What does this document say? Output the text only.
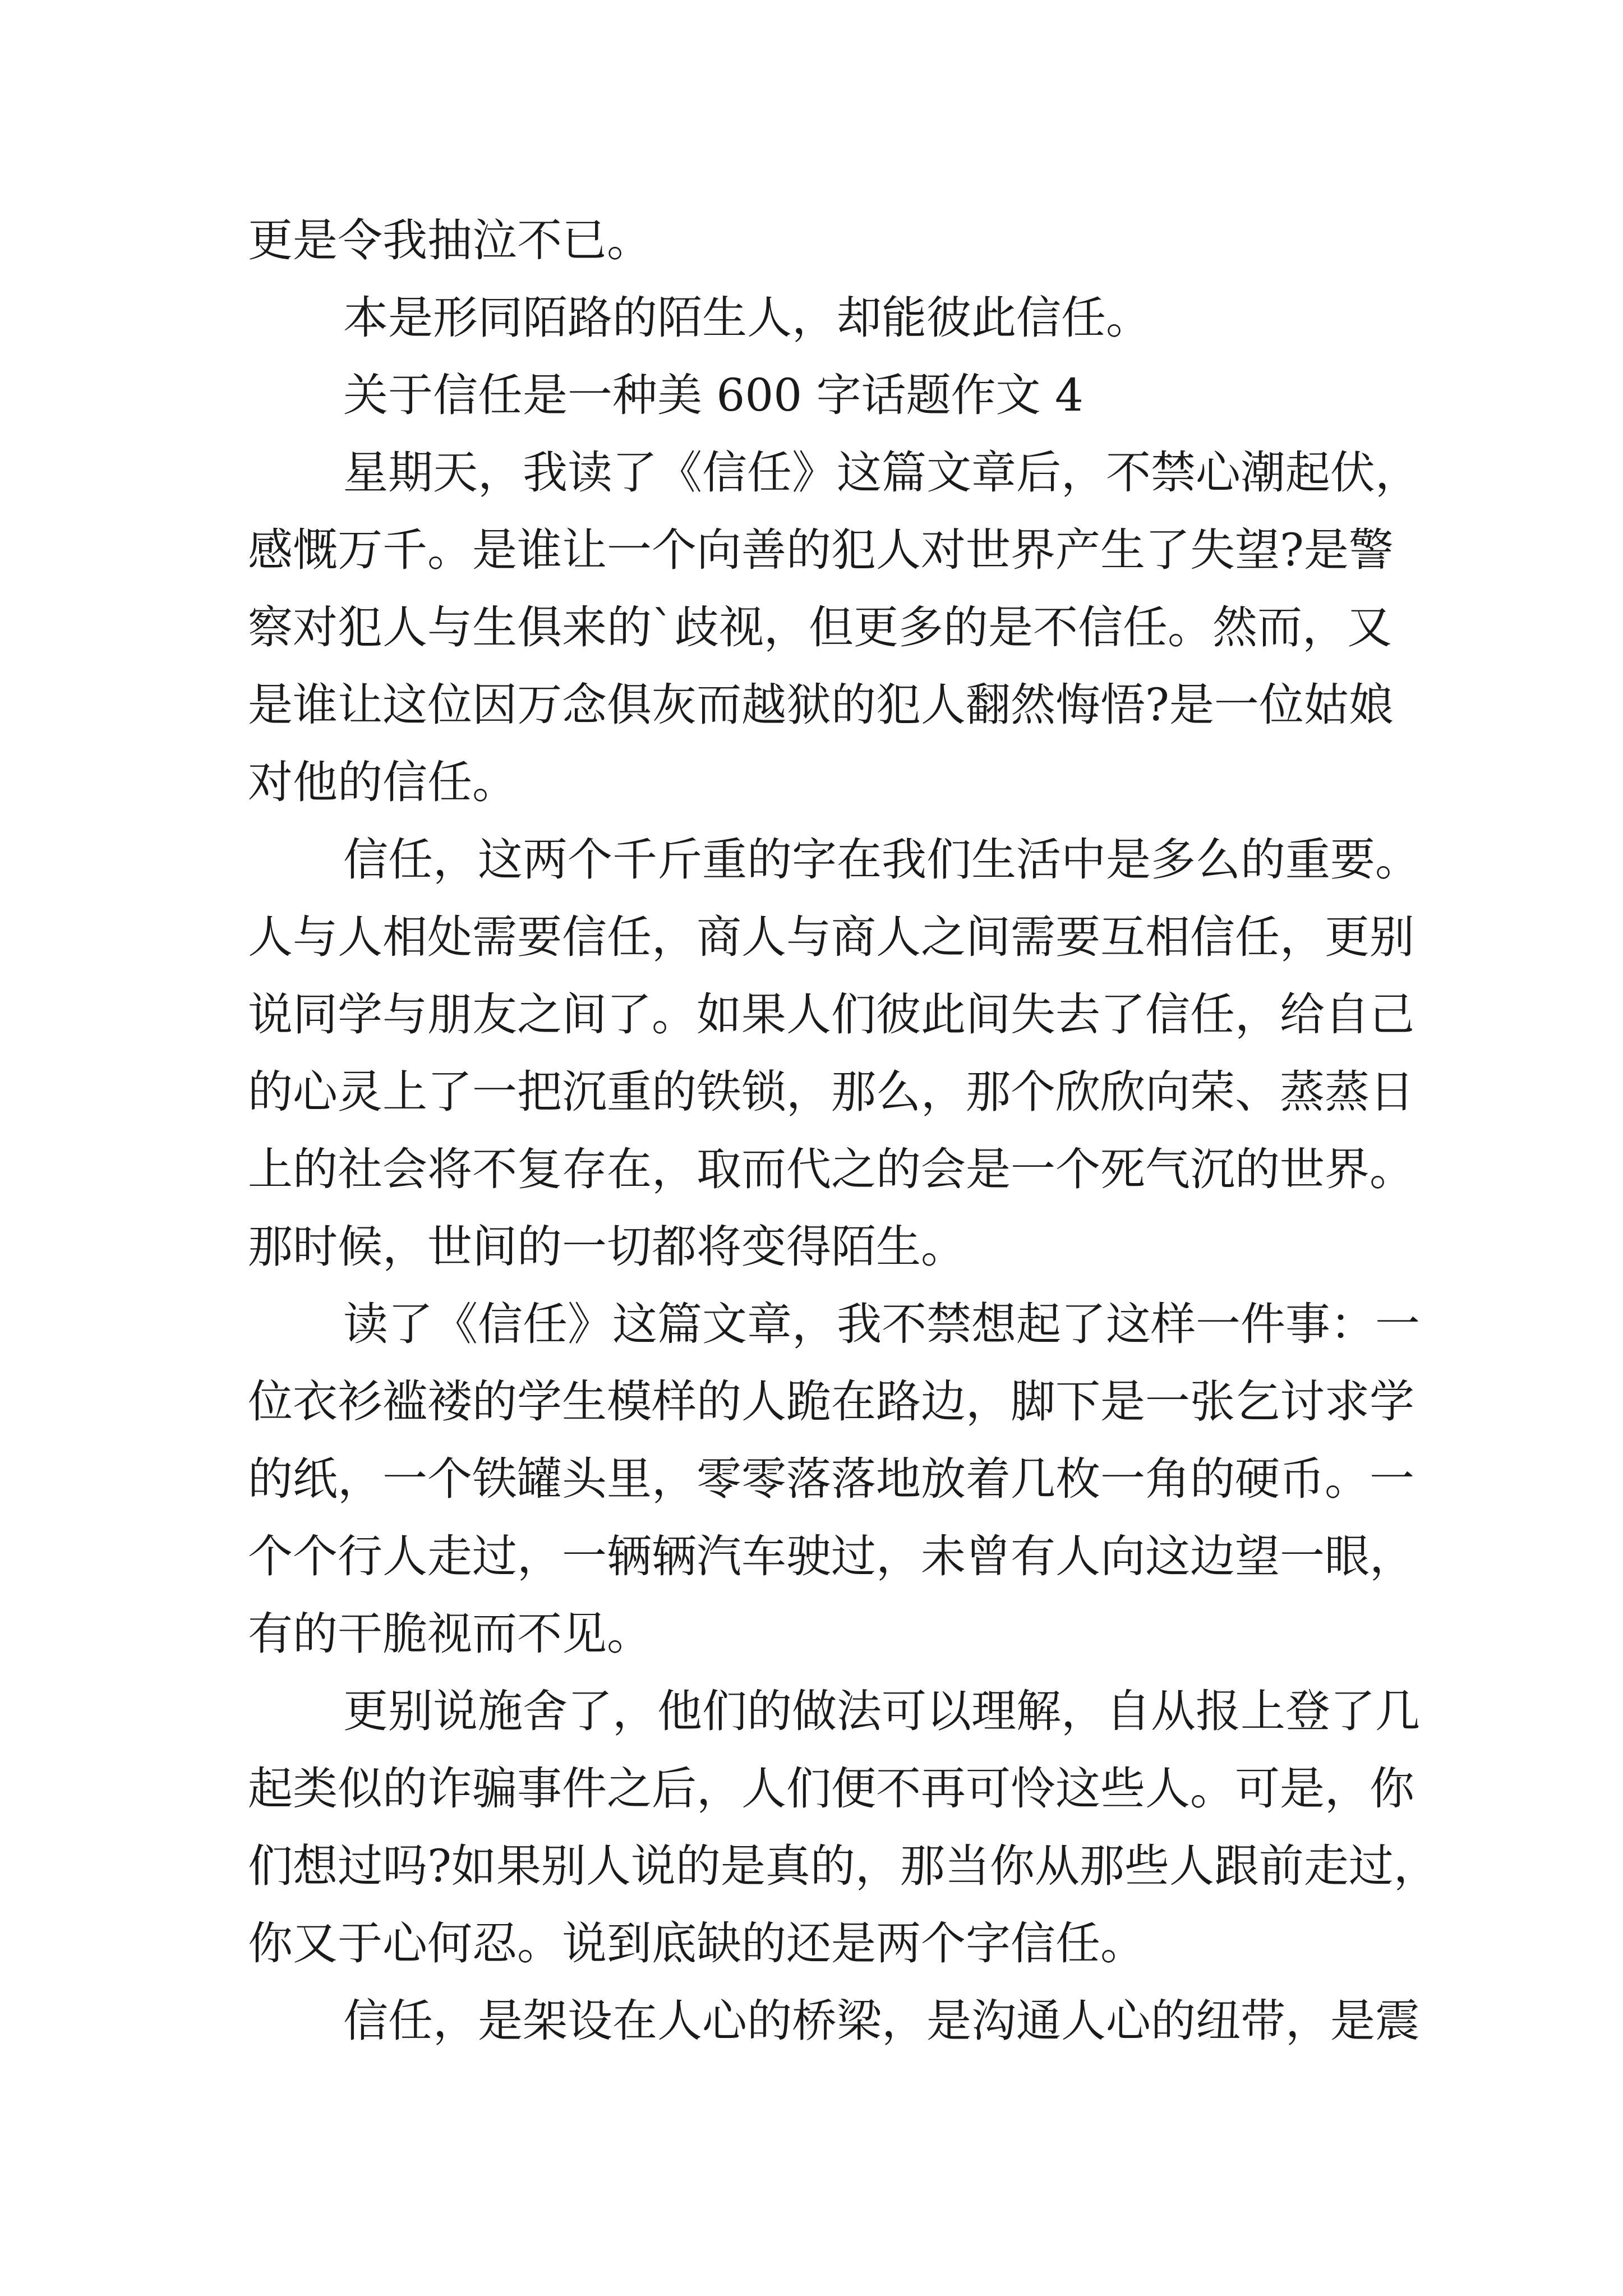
更是令我抽泣不已。
本是形同陌路的陌生人，却能彼此信任。
关于信任是一种美 600 字话题作文 4
星期天，我读了《信任》这篇文章后，不禁心潮起伏，
感慨万千。是谁让一个向善的犯人对世界产生了失望?是警
察对犯人与生俱来的`歧视，但更多的是不信任。然而，又
是谁让这位因万念俱灰而越狱的犯人翻然悔悟?是一位姑娘
对他的信任。
信任，这两个千斤重的字在我们生活中是多么的重要。
人与人相处需要信任，商人与商人之间需要互相信任，更别
说同学与朋友之间了。如果人们彼此间失去了信任，给自己
的心灵上了一把沉重的铁锁，那么，那个欣欣向荣、蒸蒸日
上的社会将不复存在，取而代之的会是一个死气沉的世界。
那时候，世间的一切都将变得陌生。
读了《信任》这篇文章，我不禁想起了这样一件事：一
位衣衫褴褛的学生模样的人跪在路边，脚下是一张乞讨求学
的纸，一个铁罐头里，零零落落地放着几枚一角的硬币。一
个个行人走过，一辆辆汽车驶过，未曾有人向这边望一眼，
有的干脆视而不见。
更别说施舍了，他们的做法可以理解，自从报上登了几
起类似的诈骗事件之后，人们便不再可怜这些人。可是，你
们想过吗?如果别人说的是真的，那当你从那些人跟前走过，
你又于心何忍。说到底缺的还是两个字信任。
信任，是架设在人心的桥梁，是沟通人心的纽带，是震
